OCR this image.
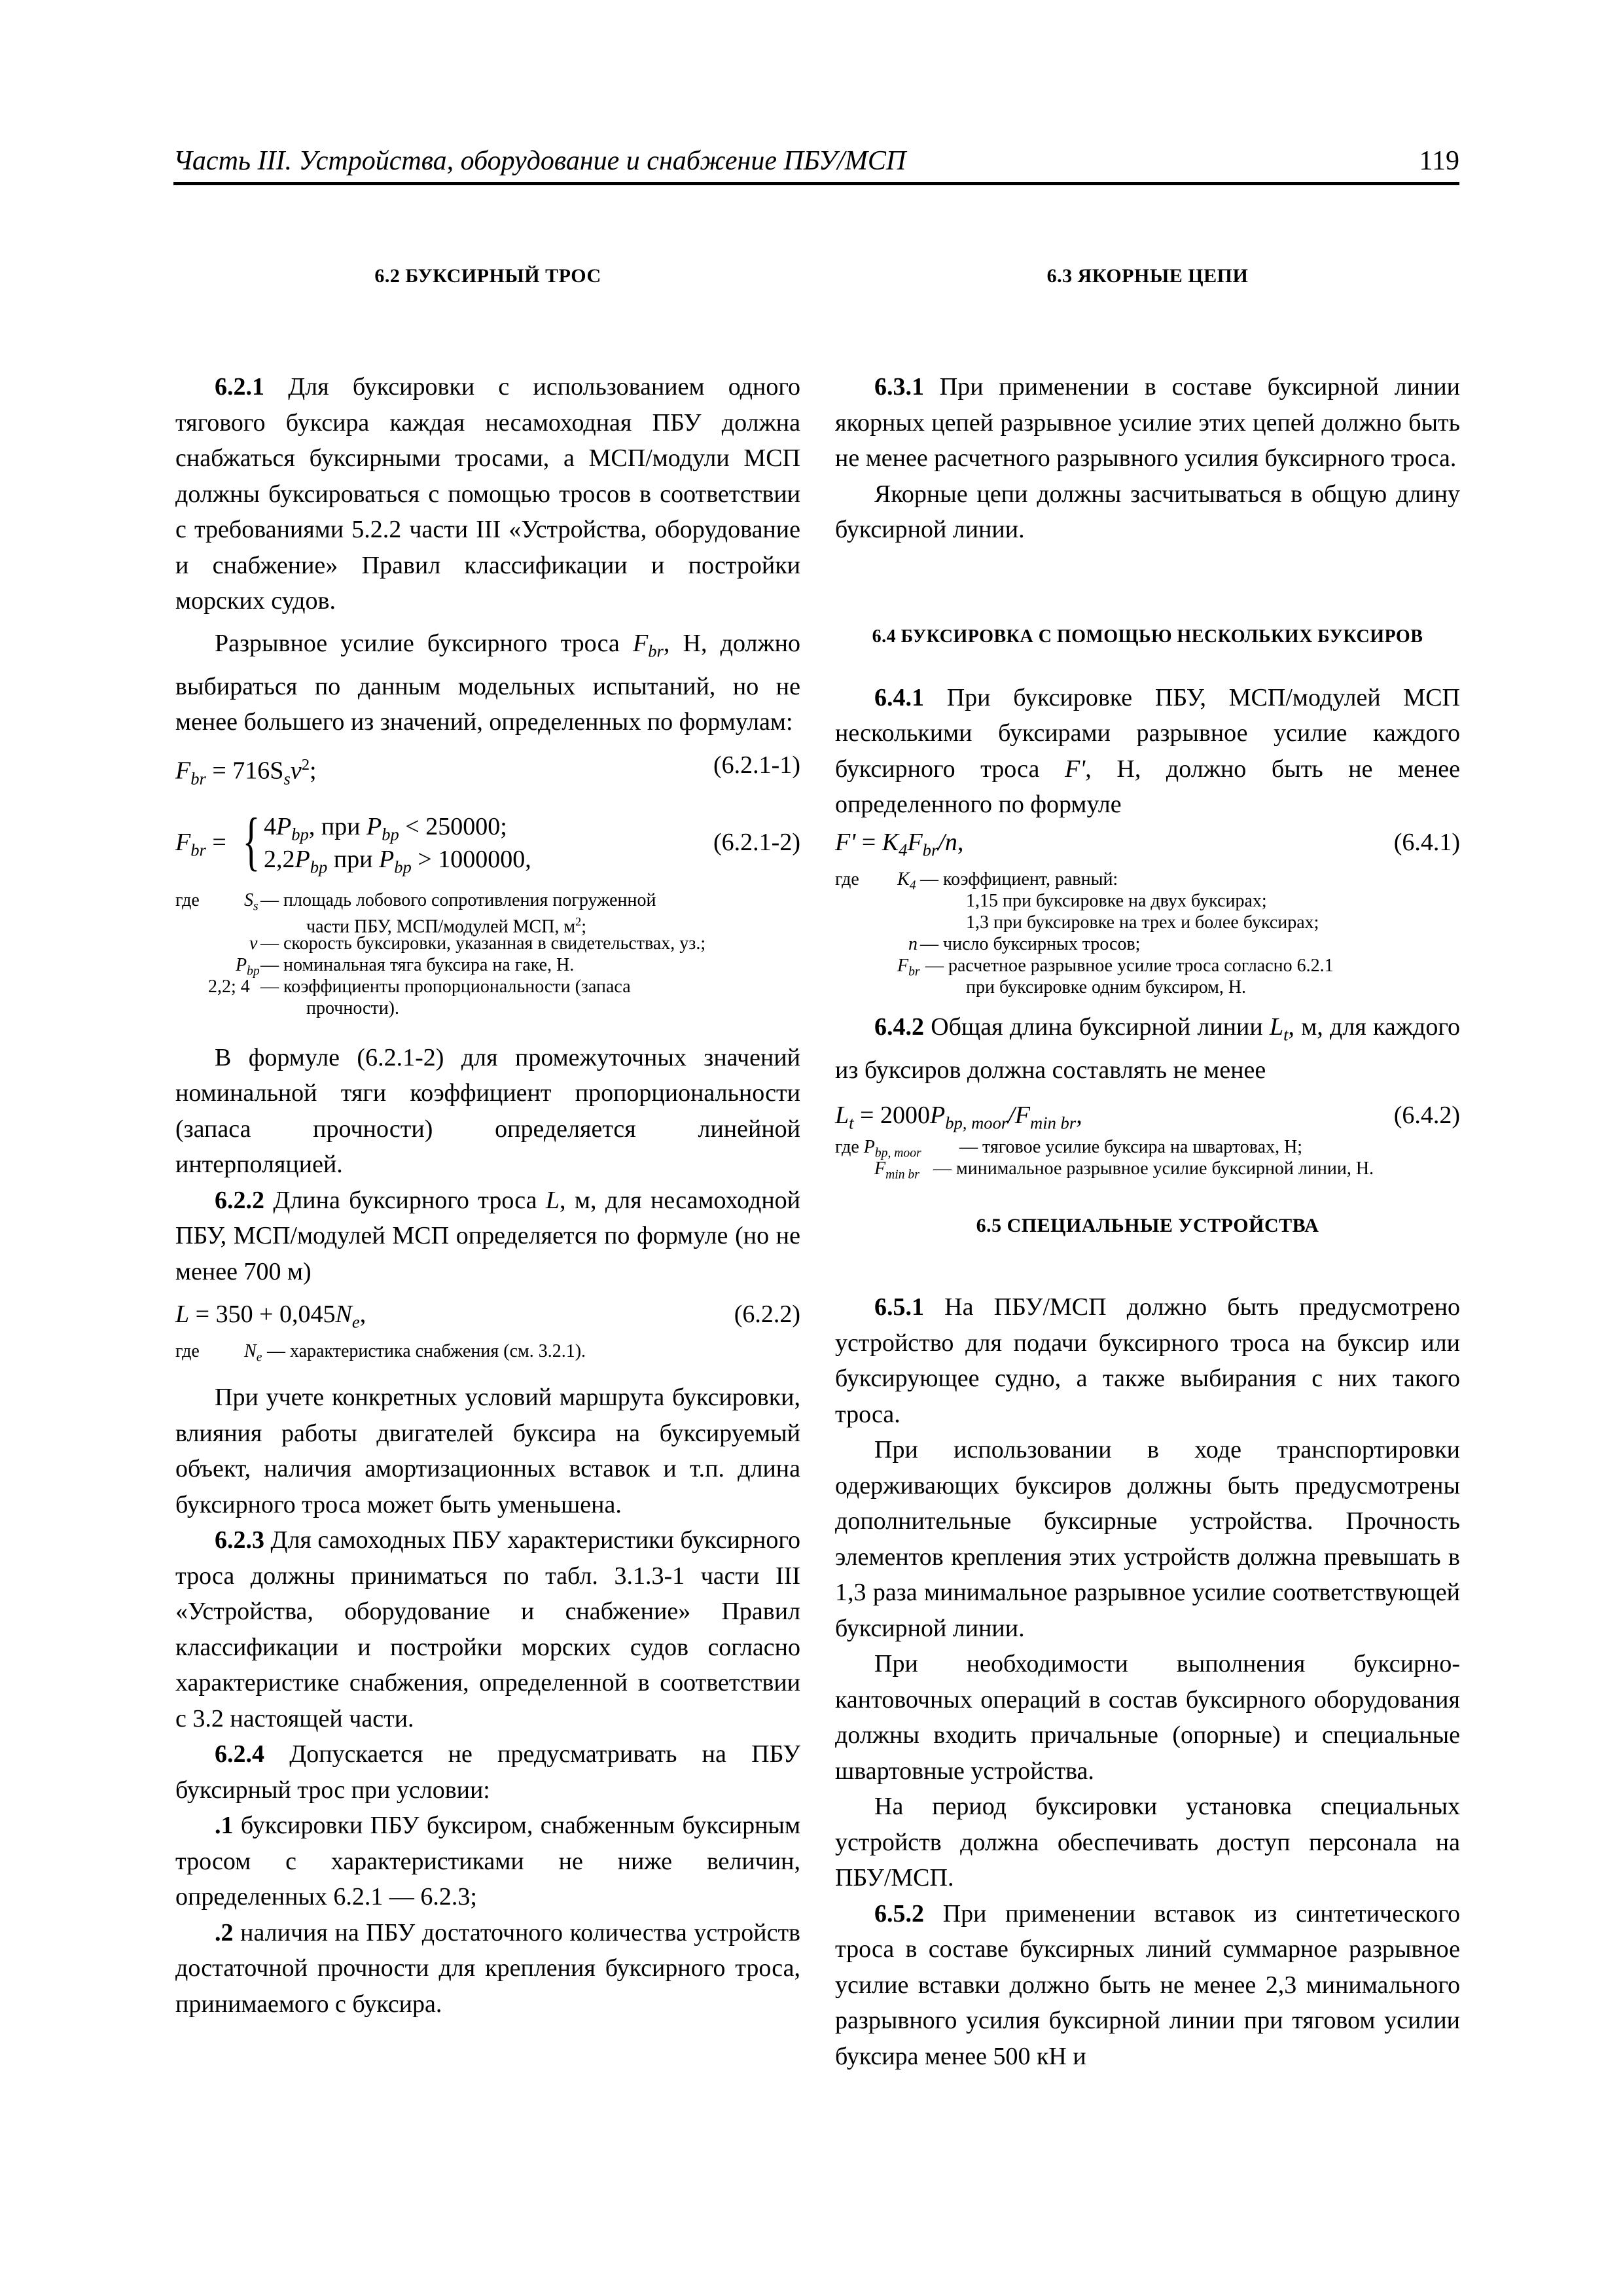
Часть III. Устройства, оборудование и снабжение ПБУ/МСП	119
6.2 БУКСИРНЫЙ ТРОС

6.2.1 Для буксировки с использованием одного тягового буксира каждая несамоходная ПБУ должна снабжаться буксирными тросами, а МСП/модули МСП должны буксироваться с помощью тросов в соответствии с требованиями 5.2.2 части III «Устройства, оборудование и снабжение» Правил классификации и постройки морских судов.

Разрывное усилие буксирного троса $F_{br}$, Н, должно выбираться по данным модельных испытаний, но не менее большего из значений, определенных по формулам:

$F_{br} = 716S_sv^2$;	(6.2.1-1)
$F_{br}$ = { $4P_{bp}$, при $P_{bp} < 250000$;
$2,2P_{bp}$ при $P_{bp} > 1000000$,
(6.2.1-2)
где $S_s$ — площадь лобового сопротивления погруженной
части ПБУ, МСП/модулей МСП, $м^2$;
v — скорость буксировки, указанная в свидетельствах, уз.;
$P_{bp}$ — номинальная тяга буксира на гаке, Н.
2,2; 4 — коэффициенты пропорциональности (запаса
прочности).

В формуле (6.2.1-2) для промежуточных значений номинальной тяги коэффициент пропорциональности (запаса прочности) определяется линейной интерполяцией.

6.2.2 Длина буксирного троса L, м, для несамоходной ПБУ, МСП/модулей МСП определяется по формуле (но не менее 700 м)

$L = 350 + 0,045N_e$,	(6.2.2)
где $N_e$ — характеристика снабжения (см. 3.2.1).

При учете конкретных условий маршрута буксировки, влияния работы двигателей буксира на буксируемый объект, наличия амортизационных вставок и т.п. длина буксирного троса может быть уменьшена.

6.2.3 Для самоходных ПБУ характеристики буксирного троса должны приниматься по табл. 3.1.3-1 части III «Устройства, оборудование и снабжение» Правил классификации и постройки морских судов согласно характеристике снабжения, определенной в соответствии с 3.2 настоящей части.

6.2.4 Допускается не предусматривать на ПБУ буксирный трос при условии:

.1 буксировки ПБУ буксиром, снабженным буксирным тросом с характеристиками не ниже величин, определенных 6.2.1 — 6.2.3;

.2 наличия на ПБУ достаточного количества устройств достаточной прочности для крепления буксирного троса, принимаемого с буксира.

6.3 ЯКОРНЫЕ ЦЕПИ

6.3.1 При применении в составе буксирной линии якорных цепей разрывное усилие этих цепей должно быть не менее расчетного разрывного усилия буксирного троса.

Якорные цепи должны засчитываться в общую длину буксирной линии.

6.4 БУКСИРОВКА С ПОМОЩЬЮ НЕСКОЛЬКИХ БУКСИРОВ

6.4.1 При буксировке ПБУ, МСП/модулей МСП несколькими буксирами разрывное усилие каждого буксирного троса F', Н, должно быть не менее определенного по формуле

$F' = K_4F_{br}/n$,	(6.4.1)
где $K_4$ — коэффициент, равный:
1,15 при буксировке на двух буксирах;
1,3 при буксировке на трех и более буксирах;
n — число буксирных тросов;
$F_{br}$ — расчетное разрывное усилие троса согласно 6.2.1
при буксировке одним буксиром, Н.

6.4.2 Общая длина буксирной линии $L_t$, м, для каждого из буксиров должна составлять не менее

$L_t = 2000P_{bp, moor}/F_{min br}$,	(6.4.2)
где $P_{bp, moor}$ — тяговое усилие буксира на швартовах, Н;
$F_{min br}$ — минимальное разрывное усилие буксирной линии, Н.
6.5 СПЕЦИАЛЬНЫЕ УСТРОЙСТВА

6.5.1 На ПБУ/МСП должно быть предусмотрено устройство для подачи буксирного троса на буксир или буксирующее судно, а также выбирания с них такого троса.

При использовании в ходе транспортировки одерживающих буксиров должны быть предусмотрены дополнительные буксирные устройства. Прочность элементов крепления этих устройств должна превышать в 1,3 раза минимальное разрывное усилие соответствующей буксирной линии.

При необходимости выполнения буксирно-кантовочных операций в состав буксирного оборудования должны входить причальные (опорные) и специальные швартовные устройства.

На период буксировки установка специальных устройств должна обеспечивать доступ персонала на ПБУ/МСП.

6.5.2 При применении вставок из синтетического троса в составе буксирных линий суммарное разрывное усилие вставки должно быть не менее 2,3 минимального разрывного усилия буксирной линии при тяговом усилии буксира менее 500 кН и
